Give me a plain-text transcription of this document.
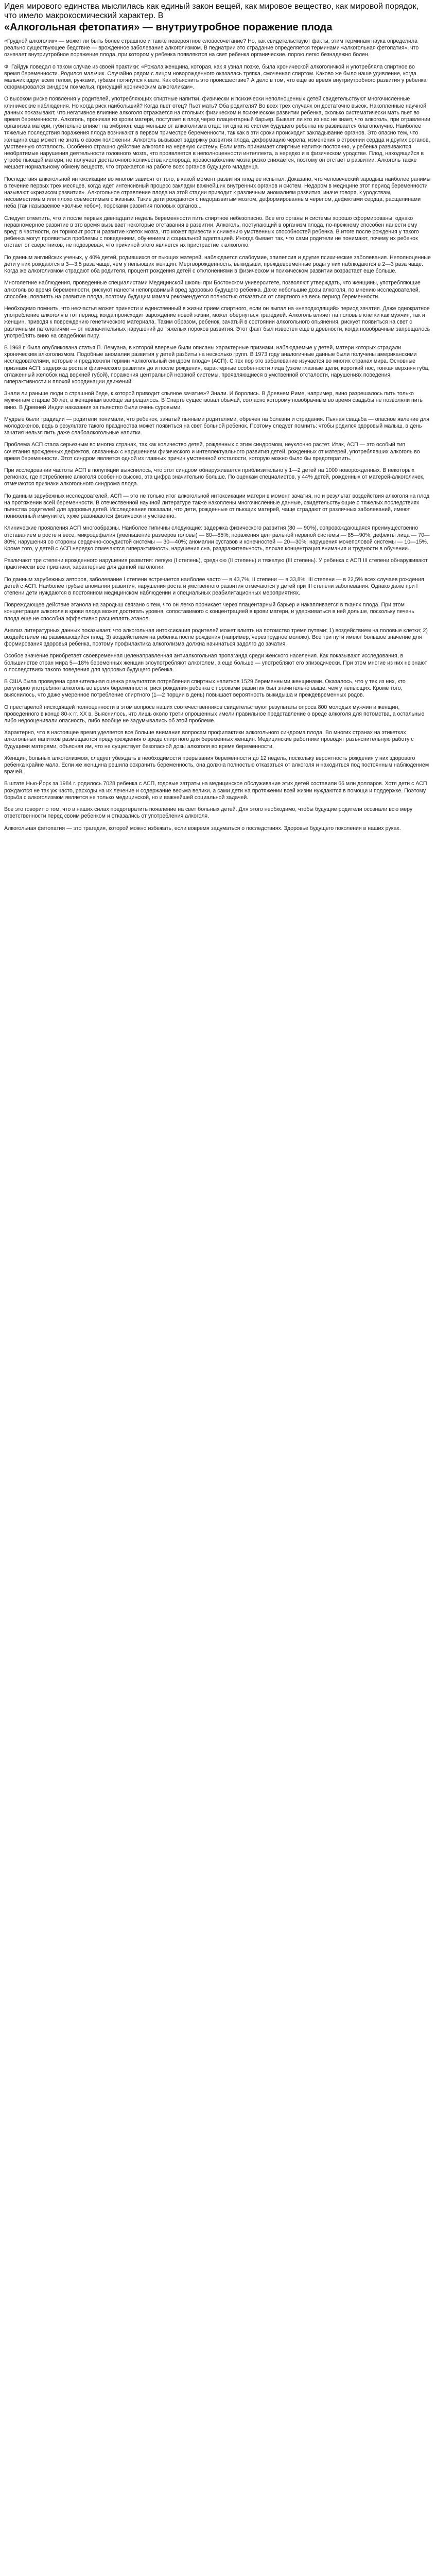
Идея мирового единства мыслилась как единый закон вещей, как мировое вещество, как мировой порядок, что имело макрокосмический характер. В

«Алкогольная фетопатия» — внутриутробное поражение плода

«Грудной алкоголик» — может ли быть более страшное и также невероятное словосочетание? Но, как свидетельствуют факты, этим терминам наука определила реально существующее бедствие — врожденное заболевание алкоголизмом. В педиатрии это страдание определяется терминами «алкогольная фетопатия», что означает внутриутробное поражение плода, при котором у ребенка появляются на свет ребенка органические, порою легко безнадежно болен.

Ф. Гайдук поведал о таком случае из своей практики: «Рожала женщина, которая, как я узнал позже, была хронической алкоголичкой и употребляла спиртное во время беременности. Родился мальчик. Случайно рядом с лицом новорожденного оказалась тряпка, смоченная спиртом. Каково же было наше удивление, когда мальчик вдруг всем телом, ручками, губами потянулся к вате. Как объяснить это происшествие? А дело в том, что еще во время внутриутробного развития у ребенка сформировался синдром похмелья, присущий хроническим алкоголикам».

О высоком риске появления у родителей, употребляющих спиртные напитки, физически и психически неполноценных детей свидетельствуют многочисленные клинические наблюдения. Но когда риск наибольший? Когда пьет отец? Пьет мать? Оба родителя? Во всех трех случаях он достаточно высок. Накопленные научной данных показывают, что негативное влияние алкоголя отражается на стольких физическом и психическом развитии ребенка, сколько систематически мать пьет во время беременности. Алкоголь, проникая из крови матери, поступает в плод через плацентарный барьер. Бывает ли кто из нас не знает, что алкоголь, при отравлении организма матери, губительно влияет на эмбрион; еще меньше от алкоголизма отца: ни одна из систем будущего ребенка не развивается благополучно. Наиболее тяжелые последствия поражения плода возникают в первом триместре беременности, так как в эти сроки происходит закладывание органов. Это опасно тем, что женщина еще может не знать о своем положении. Алкоголь вызывает задержку развития плода, деформацию черепа, изменения в строении сердца и других органов, умственную отсталость. Особенно страшно действие алкоголя на нервную систему. Если мать принимает спиртные напитки постоянно, у ребенка развиваются необратимые нарушения деятельности головного мозга, что проявляется в неполноценности интеллекта, а нередко и в физическом уродстве. Плод, находящийся в утробе пьющей матери, не получает достаточного количества кислорода, кровоснабжение мозга резко снижается, поэтому он отстает в развитии. Алкоголь также мешает нормальному обмену веществ, что отражается на работе всех органов будущего младенца.

Последствия алкогольной интоксикации во многом зависят от того, в какой момент развития плод ее испытал. Доказано, что человеческий зародыш наиболее ранимы в течение первых трех месяцев, когда идет интенсивный процесс закладки важнейших внутренних органов и систем. Недаром в медицине этот период беременности называют «кризисом развития». Алкогольное отравление плода на этой стадии приводит к различным аномалиям развития, иначе говоря, к уродствам, несовместимым или плохо совместимым с жизнью. Такие дети рождаются с недоразвитым мозгом, деформированным черепом, дефектами сердца, расщелинами неба (так называемое «волчье небо»), пороками развития половых органов...

Следует отметить, что и после первых двенадцати недель беременности пить спиртное небезопасно. Все его органы и системы хорошо сформированы, однако неравномерное развитие в это время вызывает некоторые отставания в развитии. Алкоголь, поступающий в организм плода, по-прежнему способен нанести ему вред: в частности, он тормозит рост и развитие клеток мозга, что может привести к снижению умственных способностей ребенка. В итоге после рождения у такого ребенка могут проявиться проблемы с поведением, обучением и социальной адаптацией. Иногда бывает так, что сами родители не понимают, почему их ребенок отстает от сверстников, не подозревая, что причиной этого является их пристрастие к алкоголю.

По данным английских ученых, у 40% детей, родившихся от пьющих матерей, наблюдается слабоумие, эпилепсия и другие психические заболевания. Неполноценные дети у них рождаются в 3—3,5 раза чаще, чем у непьющих женщин. Мертворожденность, выкидыши, преждевременные роды у них наблюдаются в 2—3 раза чаще. Когда же алкоголизмом страдают оба родителя, процент рождения детей с отклонениями в физическом и психическом развитии возрастает еще больше.

Многолетние наблюдения, проведенные специалистами Медицинской школы при Бостонском университете, позволяют утверждать, что женщины, употребляющие алкоголь во время беременности, рискуют нанести непоправимый вред здоровью будущего ребенка. Даже небольшие дозы алкоголя, по мнению исследователей, способны повлиять на развитие плода, поэтому будущим мамам рекомендуется полностью отказаться от спиртного на весь период беременности.

Необходимо помнить, что несчастья может принести и единственный в жизни прием спиртного, если он выпал на «неподходящий» период зачатия. Даже однократное употребление алкоголя в тот период, когда происходит зарождение новой жизни, может обернуться трагедией. Алкоголь влияет на половые клетки как мужчин, так и женщин, приводя к повреждению генетического материала. Таким образом, ребенок, зачатый в состоянии алкогольного опьянения, рискует появиться на свет с различными патологиями — от незначительных нарушений до тяжелых пороков развития. Этот факт был известен еще в древности, когда новобрачным запрещалось употреблять вино на свадебном пиру.

В 1968 г. была опубликована статья П. Лемуана, в которой впервые были описаны характерные признаки, наблюдаемые у детей, матери которых страдали хроническим алкоголизмом. Подобные аномалии развития у детей разбиты на несколько групп. В 1973 году аналогичные данные были получены американскими исследователями, которые и предложили термин «алкогольный синдром плода» (АСП). С тех пор это заболевание изучается во многих странах мира. Основные признаки АСП: задержка роста и физического развития до и после рождения, характерные особенности лица (узкие глазные щели, короткий нос, тонкая верхняя губа, сглаженный желобок над верхней губой), поражения центральной нервной системы, проявляющиеся в умственной отсталости, нарушениях поведения, гиперактивности и плохой координации движений.

Знали ли раньше люди о страшной беде, к которой приводит «пьяное зачатие»? Знали. И боролись. В Древнем Риме, например, вино разрешалось пить только мужчинам старше 30 лет, а женщинам вообще запрещалось. В Спарте существовал обычай, согласно которому новобрачным во время свадьбы не позволяли пить вино. В Древней Индии наказания за пьянство были очень суровыми.

Мудрые были традиции — родители понимали, что ребенок, зачатый пьяными родителями, обречен на болезни и страдания. Пьяная свадьба — опасное явление для молодоженов, ведь в результате такого празднества может появиться на свет больной ребенок. Поэтому следует помнить: чтобы родился здоровый малыш, в день зачатия нельзя пить даже слабоалкогольные напитки.

Проблема АСП стала серьезным во многих странах, так как количество детей, рожденных с этим синдромом, неуклонно растет. Итак, АСП — это особый тип сочетания врожденных дефектов, связанных с нарушением физического и интеллектуального развития детей, рожденных от матерей, употреблявших алкоголь во время беременности. Этот синдром является одной из главных причин умственной отсталости, которую можно было бы предотвратить.

При исследовании частоты АСП в популяции выяснилось, что этот синдром обнаруживается приблизительно у 1—2 детей на 1000 новорожденных. В некоторых регионах, где потребление алкоголя особенно высоко, эта цифра значительно больше. По оценкам специалистов, у 44% детей, рожденных от матерей-алкоголичек, отмечаются признаки алкогольного синдрома плода.

По данным зарубежных исследователей, АСП — это не только итог алкогольной интоксикации матери в момент зачатия, но и результат воздействия алкоголя на плод на протяжении всей беременности. В отечественной научной литературе также накоплены многочисленные данные, свидетельствующие о тяжелых последствиях пьянства родителей для здоровья детей. Исследования показали, что дети, рожденные от пьющих матерей, чаще страдают от различных заболеваний, имеют пониженный иммунитет, хуже развиваются физически и умственно.

Клинические проявления АСП многообразны. Наиболее типичны следующие: задержка физического развития (80 — 90%), сопровождающаяся преимущественно отставанием в росте и весе; микроцефалия (уменьшение размеров головы) — 80—85%; поражения центральной нервной системы — 85—90%; дефекты лица — 70—80%; нарушения со стороны сердечно-сосудистой системы — 30—40%; аномалии суставов и конечностей — 20—30%; нарушения мочеполовой системы — 10—15%. Кроме того, у детей с АСП нередко отмечаются гиперактивность, нарушения сна, раздражительность, плохая концентрация внимания и трудности в обучении.

Различают три степени врожденного нарушения развития: легкую (I степень), среднюю (II степень) и тяжелую (III степень). У ребенка с АСП III степени обнаруживают практически все признаки, характерные для данной патологии.

По данным зарубежных авторов, заболевание I степени встречается наиболее часто — в 43,7%, II степени — в 33,8%, III степени — в 22,5% всех случаев рождения детей с АСП. Наиболее грубые аномалии развития, нарушения роста и умственного развития отмечаются у детей при III степени заболевания. Однако даже при I степени дети нуждаются в постоянном медицинском наблюдении и специальных реабилитационных мероприятиях.

Повреждающее действие этанола на зародыш связано с тем, что он легко проникает через плацентарный барьер и накапливается в тканях плода. При этом концентрация алкоголя в крови плода может достигать уровня, сопоставимого с концентрацией в крови матери, и удерживаться в ней дольше, поскольку печень плода еще не способна эффективно расщеплять этанол.

Анализ литературных данных показывает, что алкогольная интоксикация родителей может влиять на потомство тремя путями: 1) воздействием на половые клетки; 2) воздействием на развивающийся плод; 3) воздействием на ребенка после рождения (например, через грудное молоко). Все три пути имеют большое значение для формирования здоровья ребенка, поэтому профилактика алкоголизма должна начинаться задолго до зачатия.

Особое значение приобретает своевременная целенаправленная антиалкогольная пропаганда среди женского населения. Как показывают исследования, в большинстве стран мира 5—18% беременных женщин злоупотребляют алкоголем, а еще больше — употребляют его эпизодически. При этом многие из них не знают о последствиях такого поведения для здоровья будущего ребенка.

В США была проведена сравнительная оценка результатов потребления спиртных напитков 1529 беременными женщинами. Оказалось, что у тех из них, кто регулярно употреблял алкоголь во время беременности, риск рождения ребенка с пороками развития был значительно выше, чем у непьющих. Кроме того, выяснилось, что даже умеренное потребление спиртного (1—2 порции в день) повышает вероятность выкидыша и преждевременных родов.

О престарелой нисходящей полноценности в этом вопросе наших соотечественников свидетельствуют результаты опроса 800 молодых мужчин и женщин, проведенного в конце 80-х гг. XX в. Выяснилось, что лишь около трети опрошенных имели правильное представление о вреде алкоголя для потомства, а остальные либо недооценивали опасность, либо вообще не задумывались об этой проблеме.

Характерно, что в настоящее время уделяется все больше внимания вопросам профилактики алкогольного синдрома плода. Во многих странах на этикетках алкогольных напитков размещаются предупреждения о вреде спиртного для беременных женщин. Медицинские работники проводят разъяснительную работу с будущими матерями, объясняя им, что не существует безопасной дозы алкоголя во время беременности.

Женщин, больных алкоголизмом, следует убеждать в необходимости прерывания беременности до 12 недель, поскольку вероятность рождения у них здорового ребенка крайне мала. Если же женщина решила сохранить беременность, она должна полностью отказаться от алкоголя и находиться под постоянным наблюдением врачей.

В штате Нью-Йорк за 1984 г. родилось 7028 ребенка с АСП, годовые затраты на медицинское обслуживание этих детей составили 66 млн долларов. Хотя дети с АСП рождаются не так уж часто, расходы на их лечение и содержание весьма велики, а сами дети на протяжении всей жизни нуждаются в помощи и поддержке. Поэтому борьба с алкоголизмом является не только медицинской, но и важнейшей социальной задачей.

Все это говорит о том, что в наших силах предотвратить появление на свет больных детей. Для этого необходимо, чтобы будущие родители осознали всю меру ответственности перед своим ребенком и отказались от употребления алкоголя.

Алкогольная фетопатия — это трагедия, которой можно избежать, если вовремя задуматься о последствиях. Здоровье будущего поколения в наших руках.
